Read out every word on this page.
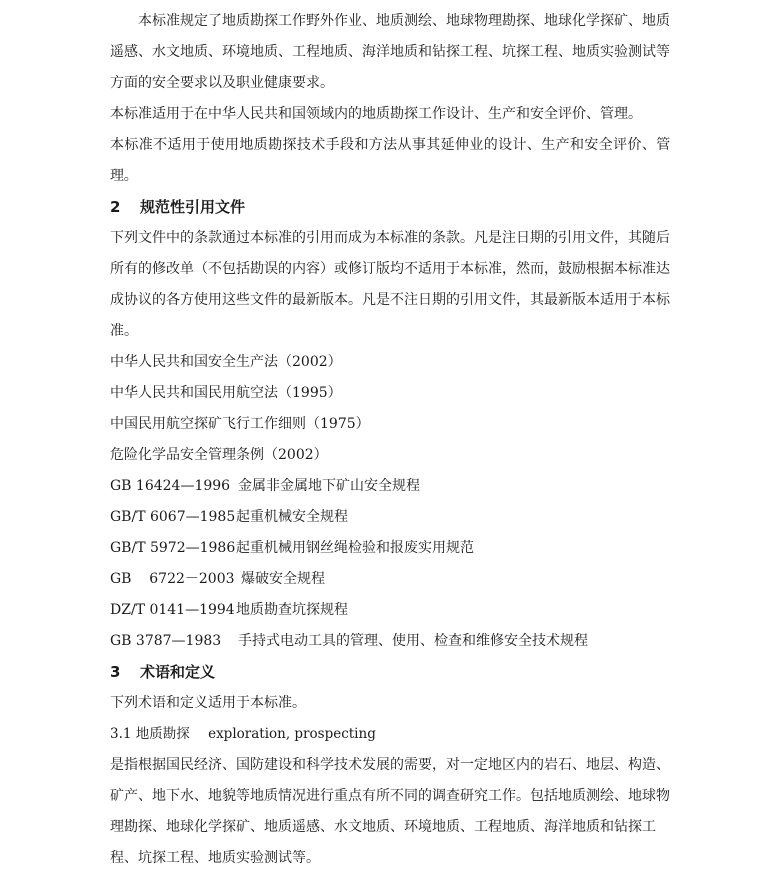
本标准规定了地质勘探工作野外作业、地质测绘、地球物理勘探、地球化学探矿、地质遥感、水文地质、环境地质、工程地质、海洋地质和钻探工程、坑探工程、地质实验测试等方面的安全要求以及职业健康要求。

本标准适用于在中华人民共和国领域内的地质勘探工作设计、生产和安全评价、管理。

本标准不适用于使用地质勘探技术手段和方法从事其延伸业的设计、生产和安全评价、管理。

2	规范性引用文件

下列文件中的条款通过本标准的引用而成为本标准的条款。凡是注日期的引用文件，其随后所有的修改单（不包括勘误的内容）或修订版均不适用于本标准，然而，鼓励根据本标准达成协议的各方使用这些文件的最新版本。凡是不注日期的引用文件，其最新版本适用于本标准。

中华人民共和国安全生产法（2002）

中华人民共和国民用航空法（1995）

中国民用航空探矿飞行工作细则（1975）

危险化学品安全管理条例（2002）

GB 16424—1996 金属非金属地下矿山安全规程
GB/T 6067—1985 起重机械安全规程
GB/T 5972—1986 起重机械用钢丝绳检验和报废实用规范
GB    6722－2003 爆破安全规程
DZ/T 0141—1994 地质勘查坑探规程
GB 3787—1983	手持式电动工具的管理、使用、检查和维修安全技术规程
3	术语和定义

下列术语和定义适用于本标准。

3.1 地质勘探 exploration, prospecting

是指根据国民经济、国防建设和科学技术发展的需要，对一定地区内的岩石、地层、构造、矿产、地下水、地貌等地质情况进行重点有所不同的调查研究工作。包括地质测绘、地球物理勘探、地球化学探矿、地质遥感、水文地质、环境地质、工程地质、海洋地质和钻探工程、坑探工程、地质实验测试等。
